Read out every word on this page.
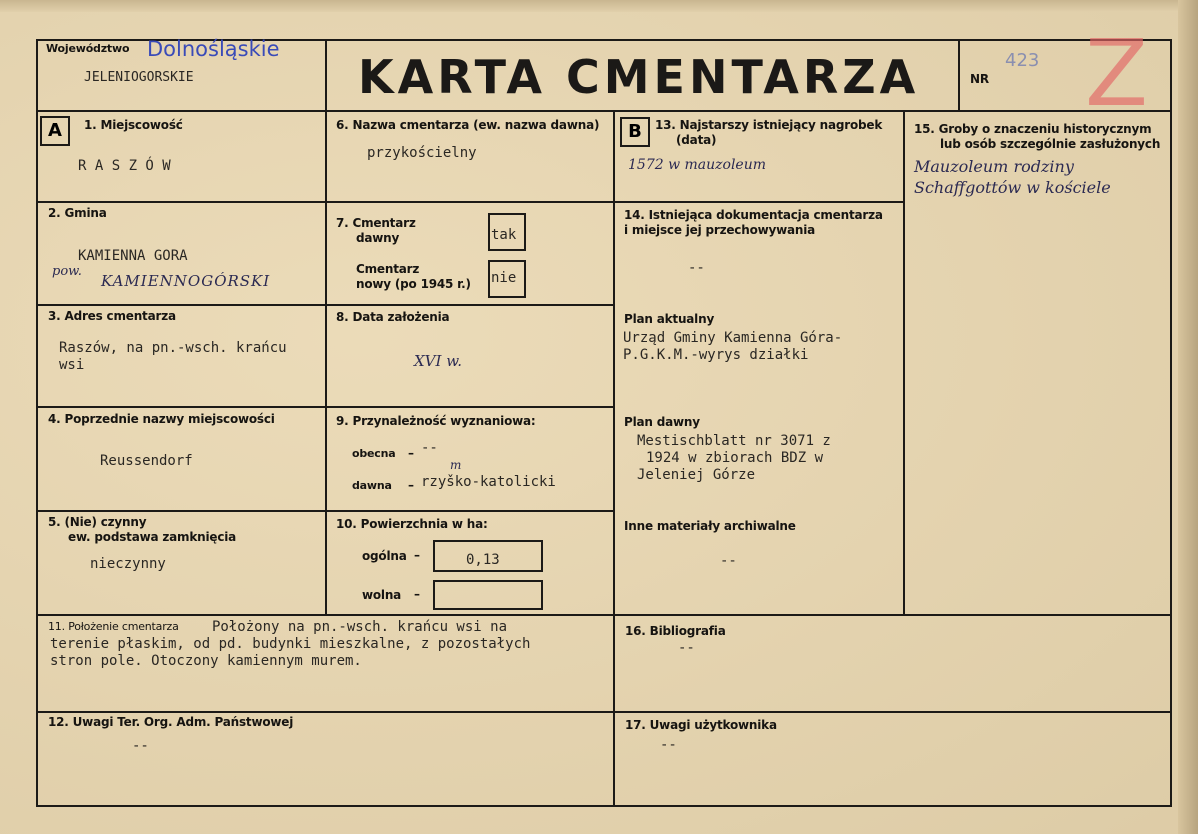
Województwo Dolnośląskie
JELENIOGORSKIE	KARTA CMENTARZA	NR
423 Z
A	1. Miejscowość
R A S Z Ó W
2. Gmina
KAMIENNA GORA
pow.
KAMIENNOGÓRSKI
3. Adres cmentarza
Raszów, na pn.-wsch. krańcu
wsi
4. Poprzednie nazwy miejscowości
Reussendorf
5. (Nie) czynny
ew. podstawa zamknięcia
nieczynny
6. Nazwa cmentarza (ew. nazwa dawna)
przykościelny
7. Cmentarz
dawny	tak
Cmentarz
nowy (po 1945 r.) nie
8. Data założenia
XVI w.
9. Przynależność wyznaniowa:
obecna – --
dawna – rzyško-katolicki
m
10. Powierzchnia w ha:
ogólna –	0,13
wolna –
11. Położenie cmentarza Położony na pn.-wsch. krańcu wsi na
terenie płaskim, od pd. budynki mieszkalne, z pozostałych
stron pole. Otoczony kamiennym murem.
12. Uwagi Ter. Org. Adm. Państwowej
--
B	13. Najstarszy istniejący nagrobek
(data)
1572 w mauzoleum
14. Istniejąca dokumentacja cmentarza
i miejsce jej przechowywania
--
Plan aktualny
Urząd Gminy Kamienna Góra-
P.G.K.M.-wyrys działki
Plan dawny
Mestischblatt nr 3071 z
1924 w zbiorach BDZ w
Jeleniej Górze
Inne materiały archiwalne
--
15. Groby o znaczeniu historycznym
lub osób szczególnie zasłużonych
Mauzoleum rodziny
Schaffgottów w kościele
16. Bibliografia
--
17. Uwagi użytkownika
--
